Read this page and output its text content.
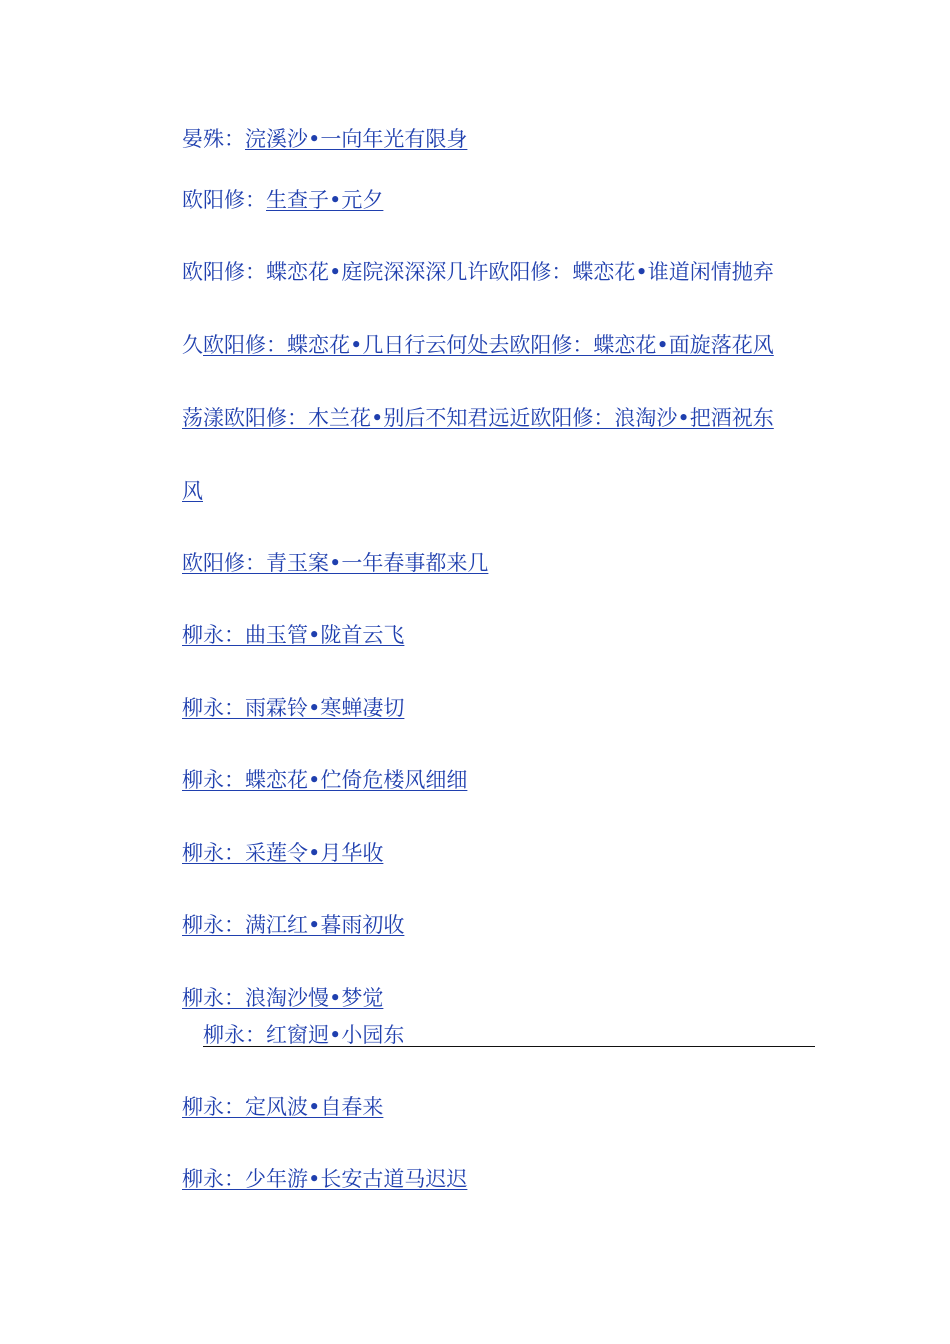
晏殊：浣溪沙•一向年光有限身
欧阳修：生查子•元夕
欧阳修：蝶恋花•庭院深深深几许欧阳修：蝶恋花•谁道闲情抛弃
久欧阳修：蝶恋花•几日行云何处去欧阳修：蝶恋花•面旋落花风
荡漾欧阳修：木兰花•别后不知君远近欧阳修：浪淘沙•把酒祝东
风
欧阳修：青玉案•一年春事都来几
柳永：曲玉管•陇首云飞
柳永：雨霖铃•寒蝉凄切
柳永：蝶恋花•伫倚危楼风细细
柳永：采莲令•月华收
柳永：满江红•暮雨初收
柳永：浪淘沙慢•梦觉
柳永：红窗迥•小园东
柳永：定风波•自春来
柳永：少年游•长安古道马迟迟
